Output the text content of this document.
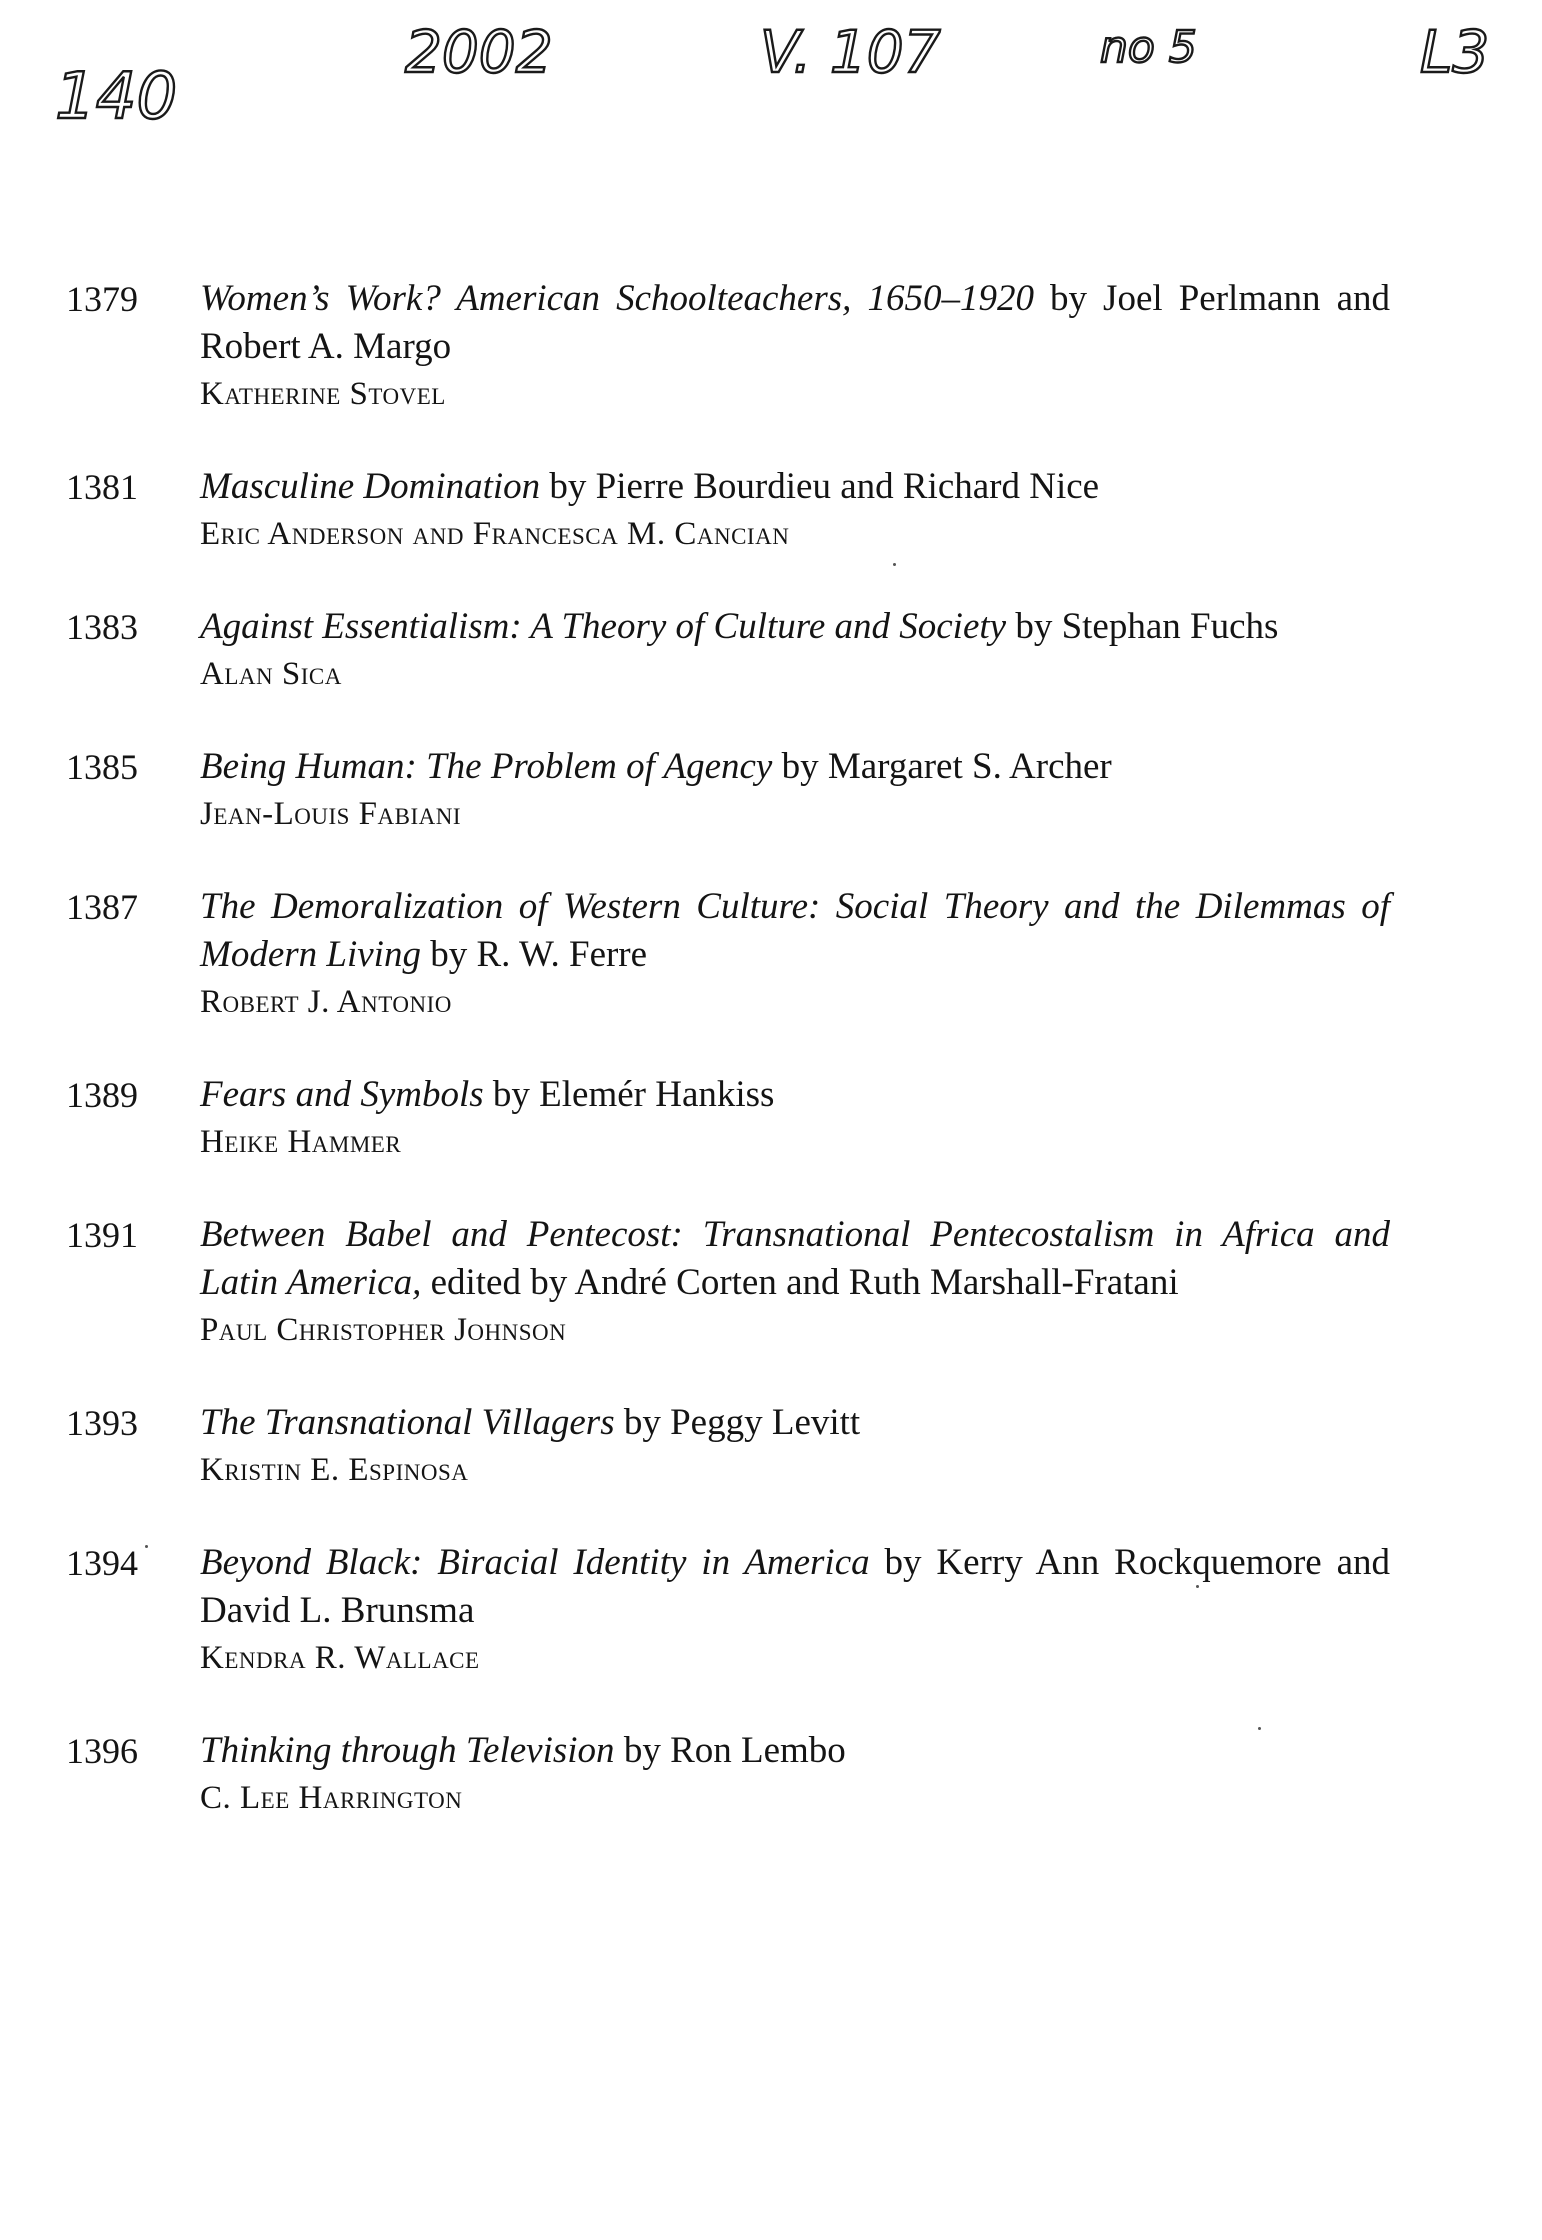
140
2002	V. 107	no 5	L3
1379 Women’s Work? American Schoolteachers, 1650–1920 by Joel Perlmann and Robert A. Margo
Katherine Stovel
1381 Masculine Domination by Pierre Bourdieu and Richard Nice
Eric Anderson and Francesca M. Cancian
1383 Against Essentialism: A Theory of Culture and Society by Stephan Fuchs
Alan Sica
1385 Being Human: The Problem of Agency by Margaret S. Archer
Jean-Louis Fabiani
1387 The Demoralization of Western Culture: Social Theory and the Dilemmas of Modern Living by R. W. Ferre
Robert J. Antonio
1389 Fears and Symbols by Elemér Hankiss
Heike Hammer
1391 Between Babel and Pentecost: Transnational Pentecostalism in Africa and Latin America, edited by André Corten and Ruth Marshall-Fratani
Paul Christopher Johnson
1393 The Transnational Villagers by Peggy Levitt
Kristin E. Espinosa
1394 Beyond Black: Biracial Identity in America by Kerry Ann Rockquemore and David L. Brunsma
Kendra R. Wallace
1396 Thinking through Television by Ron Lembo
C. Lee Harrington
